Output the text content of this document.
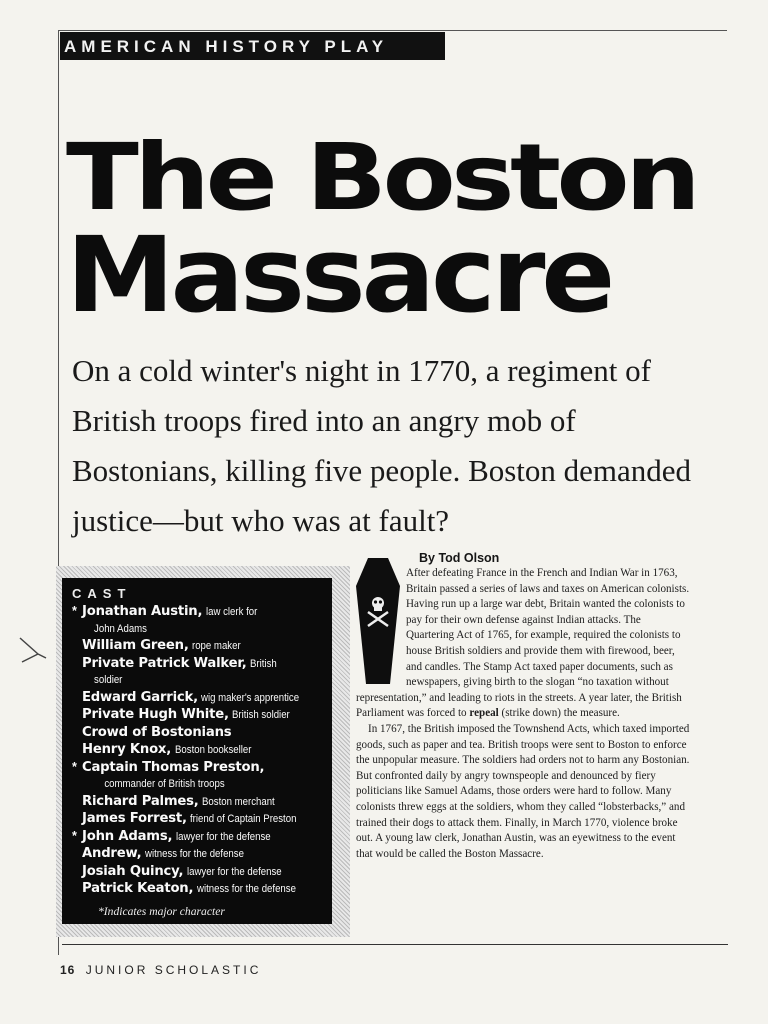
AMERICAN HISTORY PLAY
The Boston
Massacre
On a cold winter's night in 1770, a regiment of British troops fired into an angry mob of Bostonians, killing five people. Boston demanded justice—but who was at fault?
CAST
* Jonathan Austin, law clerk for
John Adams
William Green, rope maker
Private Patrick Walker, British
soldier
Edward Garrick, wig maker's apprentice
Private Hugh White, British soldier
Crowd of Bostonians
Henry Knox, Boston bookseller
* Captain Thomas Preston,
commander of British troops
Richard Palmes, Boston merchant
James Forrest, friend of Captain Preston
* John Adams, lawyer for the defense
Andrew, witness for the defense
Josiah Quincy, lawyer for the defense
Patrick Keaton, witness for the defense
*Indicates major character

By Tod Olson

After defeating France in the French and Indian War in 1763, Britain passed a series of laws and taxes on American colonists. Having run up a large war debt, Britain wanted the colonists to pay for their own defense against Indian attacks. The Quartering Act of 1765, for example, required the colonists to house British soldiers and provide them with firewood, beer, and candles. The Stamp Act taxed paper documents, such as newspapers, giving birth to the slogan “no taxation without representation,” and leading to riots in the streets. A year later, the British Parliament was forced to repeal (strike down) the measure.

In 1767, the British imposed the Townshend Acts, which taxed imported goods, such as paper and tea. British troops were sent to Boston to enforce the unpopular measure. The soldiers had orders not to harm any Bostonian. But confronted daily by angry townspeople and denounced by fiery politicians like Samuel Adams, those orders were hard to follow. Many colonists threw eggs at the soldiers, whom they called “lobsterbacks,” and trained their dogs to attack them. Finally, in March 1770, violence broke out. A young law clerk, Jonathan Austin, was an eyewitness to the event that would be called the Boston Massacre.

16 JUNIOR SCHOLASTIC
